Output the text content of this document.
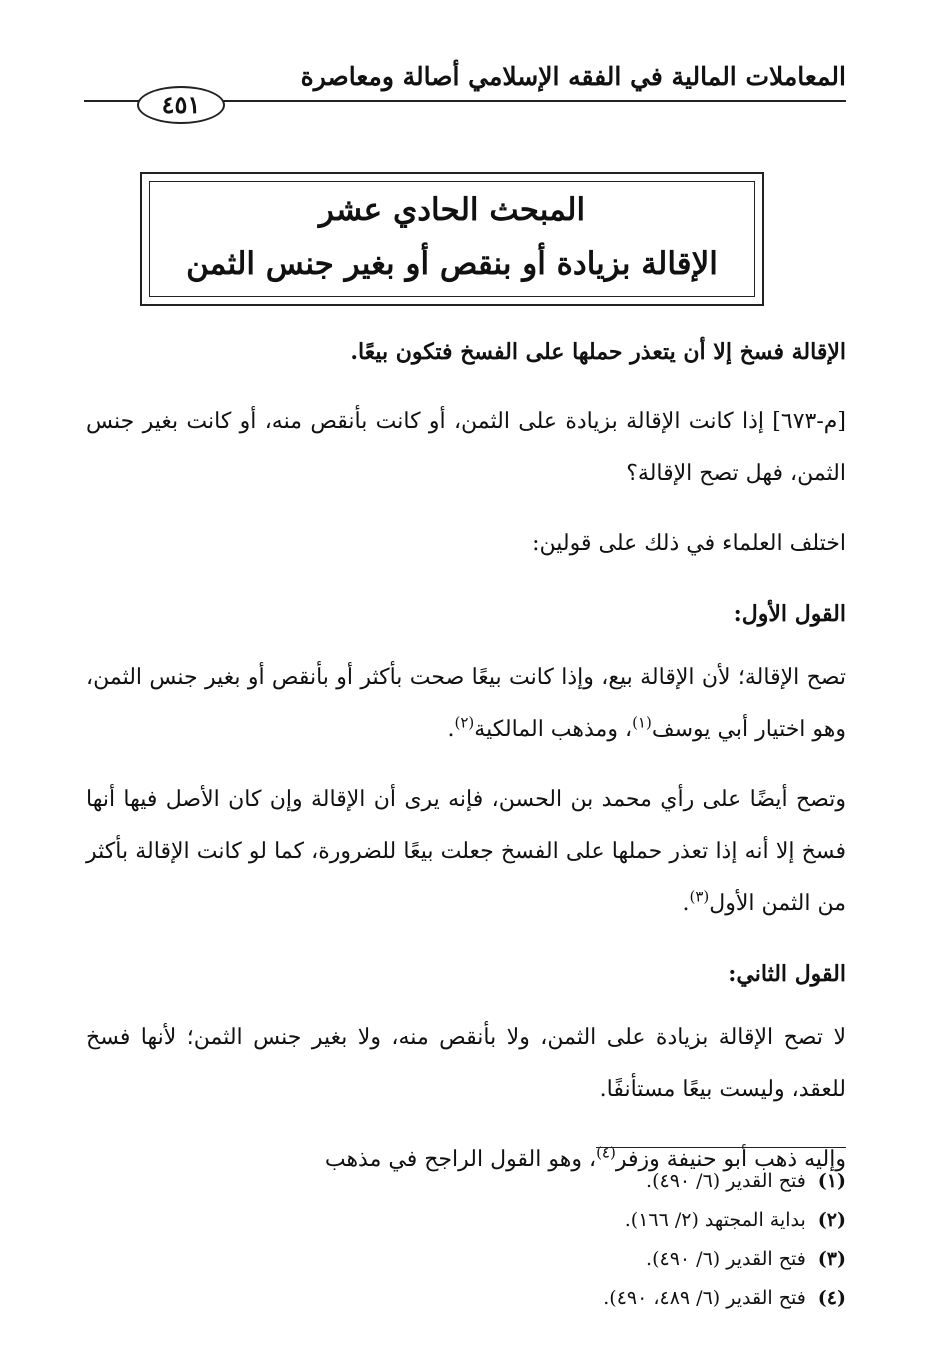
المعاملات المالية في الفقه الإسلامي أصالة ومعاصرة
٤٥١
المبحث الحادي عشر
الإقالة بزيادة أو بنقص أو بغير جنس الثمن

الإقالة فسخ إلا أن يتعذر حملها على الفسخ فتكون بيعًا.

[م-٦٧٣] إذا كانت الإقالة بزيادة على الثمن، أو كانت بأنقص منه، أو كانت بغير جنس الثمن، فهل تصح الإقالة؟

اختلف العلماء في ذلك على قولين:

القول الأول:

تصح الإقالة؛ لأن الإقالة بيع، وإذا كانت بيعًا صحت بأكثر أو بأنقص أو بغير جنس الثمن، وهو اختيار أبي يوسف$^{(١)}$، ومذهب المالكية$^{(٢)}$.

وتصح أيضًا على رأي محمد بن الحسن، فإنه يرى أن الإقالة وإن كان الأصل فيها أنها فسخ إلا أنه إذا تعذر حملها على الفسخ جعلت بيعًا للضرورة، كما لو كانت الإقالة بأكثر من الثمن الأول$^{(٣)}$.

القول الثاني:

لا تصح الإقالة بزيادة على الثمن، ولا بأنقص منه، ولا بغير جنس الثمن؛ لأنها فسخ للعقد، وليست بيعًا مستأنفًا.

وإليه ذهب أبو حنيفة وزفر$^{(٤)}$، وهو القول الراجح في مذهب

(١)فتح القدير (٦/ ٤٩٠).
(٢)بداية المجتهد (٢/ ١٦٦).
(٣)فتح القدير (٦/ ٤٩٠).
(٤)فتح القدير (٦/ ٤٨٩، ٤٩٠).
